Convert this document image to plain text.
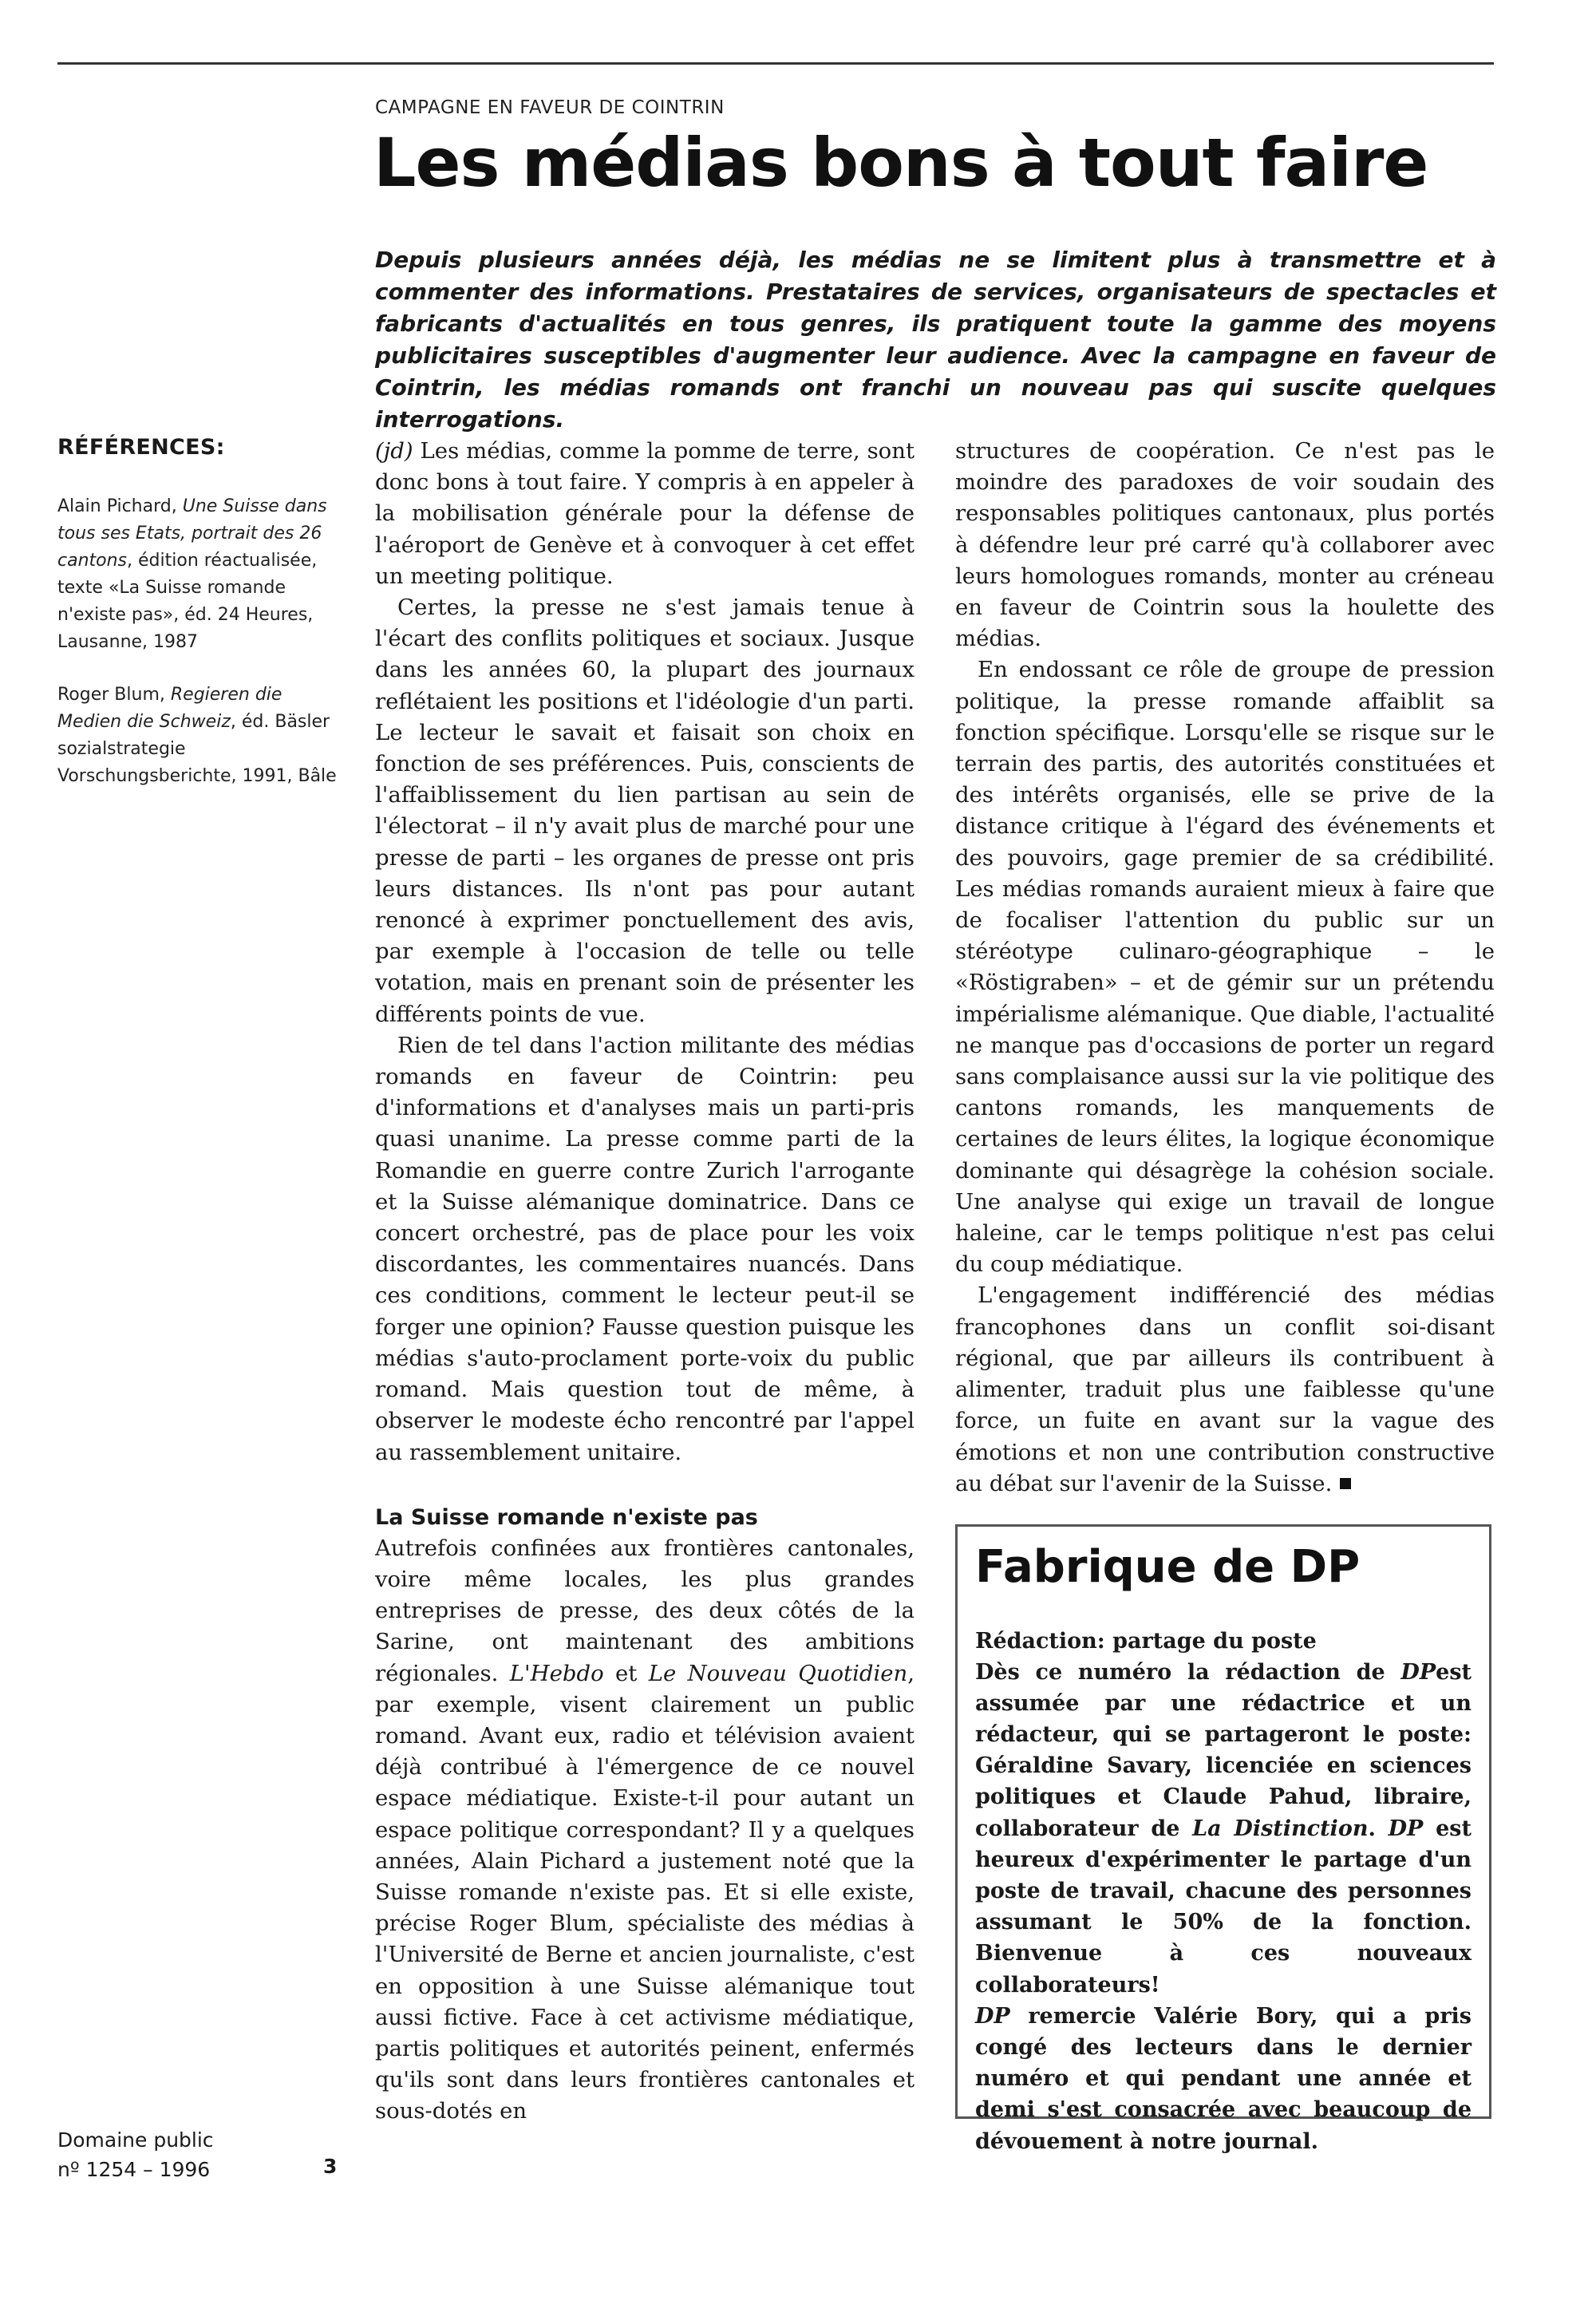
CAMPAGNE EN FAVEUR DE COINTRIN
Les médias bons à tout faire
Depuis plusieurs années déjà, les médias ne se limitent plus à transmettre et à commenter des informations. Prestataires de services, organisateurs de spectacles et fabricants d'actualités en tous genres, ils pratiquent toute la gamme des moyens publicitaires susceptibles d'augmenter leur audience. Avec la campagne en faveur de Cointrin, les médias romands ont franchi un nouveau pas qui suscite quelques interrogations.
RÉFÉRENCES:
Alain Pichard, Une Suisse dans tous ses Etats, portrait des 26 cantons, édition réactualisée, texte «La Suisse romande n'existe pas», éd. 24 Heures, Lausanne, 1987
Roger Blum, Regieren die Medien die Schweiz, éd. Bäsler sozialstrategie Vorschungsberichte, 1991, Bâle
Domaine public
nº 1254 – 1996	3

(jd) Les médias, comme la pomme de terre, sont donc bons à tout faire. Y compris à en appeler à la mobilisation générale pour la défense de l'aéroport de Genève et à convoquer à cet effet un meeting politique.

Certes, la presse ne s'est jamais tenue à l'écart des conflits politiques et sociaux. Jusque dans les années 60, la plupart des journaux reflétaient les positions et l'idéologie d'un parti. Le lecteur le savait et faisait son choix en fonction de ses préférences. Puis, conscients de l'affaiblissement du lien partisan au sein de l'électorat – il n'y avait plus de marché pour une presse de parti – les organes de presse ont pris leurs distances. Ils n'ont pas pour autant renoncé à exprimer ponctuellement des avis, par exemple à l'occasion de telle ou telle votation, mais en prenant soin de présenter les différents points de vue.

Rien de tel dans l'action militante des médias romands en faveur de Cointrin: peu d'informations et d'analyses mais un parti-pris quasi unanime. La presse comme parti de la Romandie en guerre contre Zurich l'arrogante et la Suisse alémanique dominatrice. Dans ce concert orchestré, pas de place pour les voix discordantes, les commentaires nuancés. Dans ces conditions, comment le lecteur peut-il se forger une opinion? Fausse question puisque les médias s'auto-proclament porte-voix du public romand. Mais question tout de même, à observer le modeste écho rencontré par l'appel au rassemblement unitaire.

La Suisse romande n'existe pas

Autrefois confinées aux frontières cantonales, voire même locales, les plus grandes entreprises de presse, des deux côtés de la Sarine, ont maintenant des ambitions régionales. L'Hebdo et Le Nouveau Quotidien, par exemple, visent clairement un public romand. Avant eux, radio et télévision avaient déjà contribué à l'émergence de ce nouvel espace médiatique. Existe-t-il pour autant un espace politique correspondant? Il y a quelques années, Alain Pichard a justement noté que la Suisse romande n'existe pas. Et si elle existe, précise Roger Blum, spécialiste des médias à l'Université de Berne et ancien journaliste, c'est en opposition à une Suisse alémanique tout aussi fictive. Face à cet activisme médiatique, partis politiques et autorités peinent, enfermés qu'ils sont dans leurs frontières cantonales et sous-dotés en

structures de coopération. Ce n'est pas le moindre des paradoxes de voir soudain des responsables politiques cantonaux, plus portés à défendre leur pré carré qu'à collaborer avec leurs homologues romands, monter au créneau en faveur de Cointrin sous la houlette des médias.

En endossant ce rôle de groupe de pression politique, la presse romande affaiblit sa fonction spécifique. Lorsqu'elle se risque sur le terrain des partis, des autorités constituées et des intérêts organisés, elle se prive de la distance critique à l'égard des événements et des pouvoirs, gage premier de sa crédibilité. Les médias romands auraient mieux à faire que de focaliser l'attention du public sur un stéréotype culinaro-géographique – le «Röstigraben» – et de gémir sur un prétendu impérialisme alémanique. Que diable, l'actualité ne manque pas d'occasions de porter un regard sans complaisance aussi sur la vie politique des cantons romands, les manquements de certaines de leurs élites, la logique économique dominante qui désagrège la cohésion sociale. Une analyse qui exige un travail de longue haleine, car le temps politique n'est pas celui du coup médiatique.

L'engagement indifférencié des médias francophones dans un conflit soi-disant régional, que par ailleurs ils contribuent à alimenter, traduit plus une faiblesse qu'une force, un fuite en avant sur la vague des émotions et non une contribution constructive au débat sur l'avenir de la Suisse.

Fabrique de DP
Rédaction: partage du poste

Dès ce numéro la rédaction de DPest assumée par une rédactrice et un rédacteur, qui se partageront le poste: Géraldine Savary, licenciée en sciences politiques et Claude Pahud, libraire, collaborateur de La Distinction. DP est heureux d'expérimenter le partage d'un poste de travail, chacune des personnes assumant le 50% de la fonction. Bienvenue à ces nouveaux collaborateurs!

DP remercie Valérie Bory, qui a pris congé des lecteurs dans le dernier numéro et qui pendant une année et demi s'est consacrée avec beaucoup de dévouement à notre journal.
